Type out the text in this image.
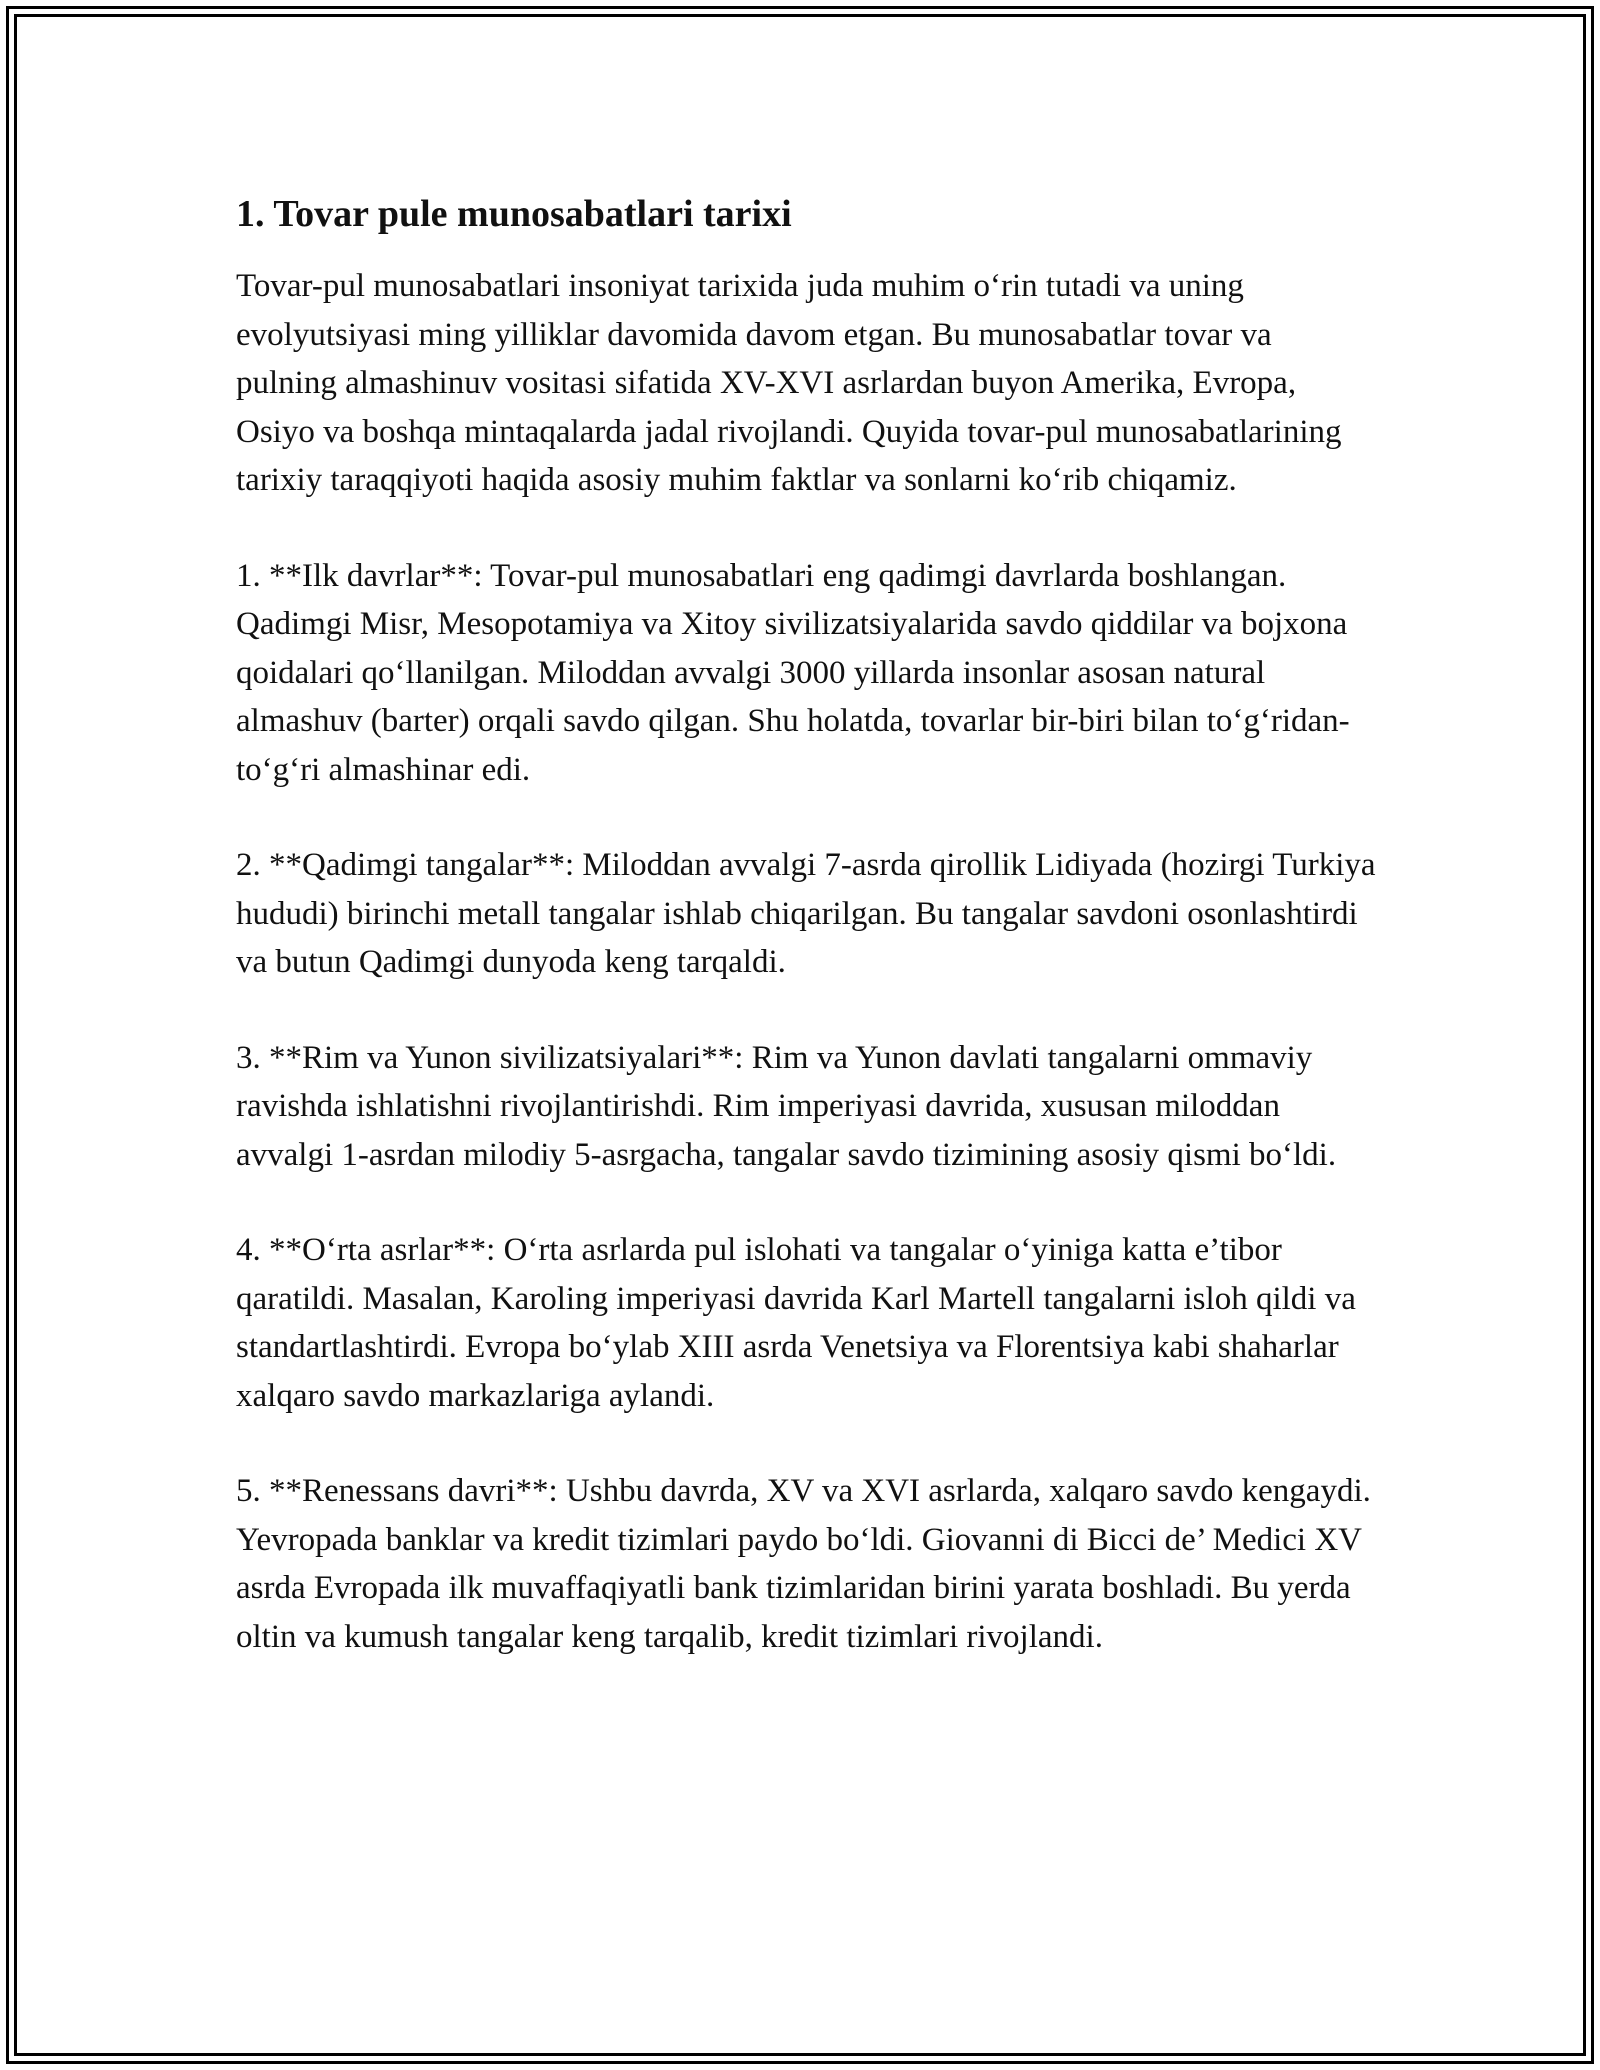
1. Tovar pule munosabatlari tarixi

Tovar-pul munosabatlari insoniyat tarixida juda muhim o‘rin tutadi va uning evolyutsiyasi ming yilliklar davomida davom etgan. Bu munosabatlar tovar va pulning almashinuv vositasi sifatida XV-XVI asrlardan buyon Amerika, Evropa, Osiyo va boshqa mintaqalarda jadal rivojlandi. Quyida tovar-pul munosabatlarining tarixiy taraqqiyoti haqida asosiy muhim faktlar va sonlarni ko‘rib chiqamiz.

1. **Ilk davrlar**: Tovar-pul munosabatlari eng qadimgi davrlarda boshlangan. Qadimgi Misr, Mesopotamiya va Xitoy sivilizatsiyalarida savdo qiddilar va bojxona qoidalari qo‘llanilgan. Miloddan avvalgi 3000 yillarda insonlar asosan natural almashuv (barter) orqali savdo qilgan. Shu holatda, tovarlar bir-biri bilan to‘g‘ridan-to‘g‘ri almashinar edi.

2. **Qadimgi tangalar**: Miloddan avvalgi 7-asrda qirollik Lidiyada (hozirgi Turkiya hududi) birinchi metall tangalar ishlab chiqarilgan. Bu tangalar savdoni osonlashtirdi va butun Qadimgi dunyoda keng tarqaldi.

3. **Rim va Yunon sivilizatsiyalari**: Rim va Yunon davlati tangalarni ommaviy ravishda ishlatishni rivojlantirishdi. Rim imperiyasi davrida, xususan miloddan avvalgi 1-asrdan milodiy 5-asrgacha, tangalar savdo tizimining asosiy qismi bo‘ldi.

4. **O‘rta asrlar**: O‘rta asrlarda pul islohati va tangalar o‘yiniga katta e’tibor qaratildi. Masalan, Karoling imperiyasi davrida Karl Martell tangalarni isloh qildi va standartlashtirdi. Evropa bo‘ylab XIII asrda Venetsiya va Florentsiya kabi shaharlar xalqaro savdo markazlariga aylandi.

5. **Renessans davri**: Ushbu davrda, XV va XVI asrlarda, xalqaro savdo kengaydi. Yevropada banklar va kredit tizimlari paydo bo‘ldi. Giovanni di Bicci de’ Medici XV asrda Evropada ilk muvaffaqiyatli bank tizimlaridan birini yarata boshladi. Bu yerda oltin va kumush tangalar keng tarqalib, kredit tizimlari rivojlandi.
